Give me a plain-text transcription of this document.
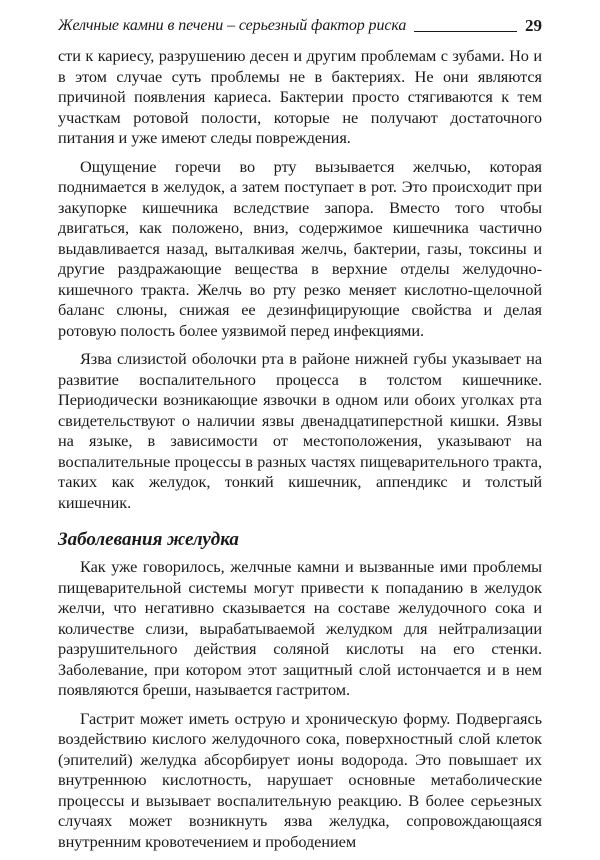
Желчные камни в печени – серьезный фактор риска	29

сти к кариесу, разрушению десен и другим проблемам с зубами. Но и в этом случае суть проблемы не в бактериях. Не они являются причиной появления кариеса. Бактерии просто стягиваются к тем участкам ротовой полости, которые не получают достаточного питания и уже имеют следы повреждения.

Ощущение горечи во рту вызывается желчью, которая поднимается в желудок, а затем поступает в рот. Это происходит при закупорке кишечника вследствие запора. Вместо того чтобы двигаться, как положено, вниз, содержимое кишечника частично выдавливается назад, выталкивая желчь, бактерии, газы, токсины и другие раздражающие вещества в верхние отделы желудочно-кишечного тракта. Желчь во рту резко меняет кислотно-щелочной баланс слюны, снижая ее дезинфицирующие свойства и делая ротовую полость более уязвимой перед инфекциями.

Язва слизистой оболочки рта в районе нижней губы указывает на развитие воспалительного процесса в толстом кишечнике. Периодически возникающие язвочки в одном или обоих уголках рта свидетельствуют о наличии язвы двенадцатиперстной кишки. Язвы на языке, в зависимости от местоположения, указывают на воспалительные процессы в разных частях пищеварительного тракта, таких как желудок, тонкий кишечник, аппендикс и толстый кишечник.

Заболевания желудка

Как уже говорилось, желчные камни и вызванные ими проблемы пищеварительной системы могут привести к попаданию в желудок желчи, что негативно сказывается на составе желудочного сока и количестве слизи, вырабатываемой желудком для нейтрализации разрушительного действия соляной кислоты на его стенки. Заболевание, при котором этот защитный слой истончается и в нем появляются бреши, называется гастритом.

Гастрит может иметь острую и хроническую форму. Подвергаясь воздействию кислого желудочного сока, поверхностный слой клеток (эпителий) желудка абсорбирует ионы водорода. Это повышает их внутреннюю кислотность, нарушает основные метаболические процессы и вызывает воспалительную реакцию. В более серьезных случаях может возникнуть язва желудка, сопровождающаяся внутренним кровотечением и прободением
